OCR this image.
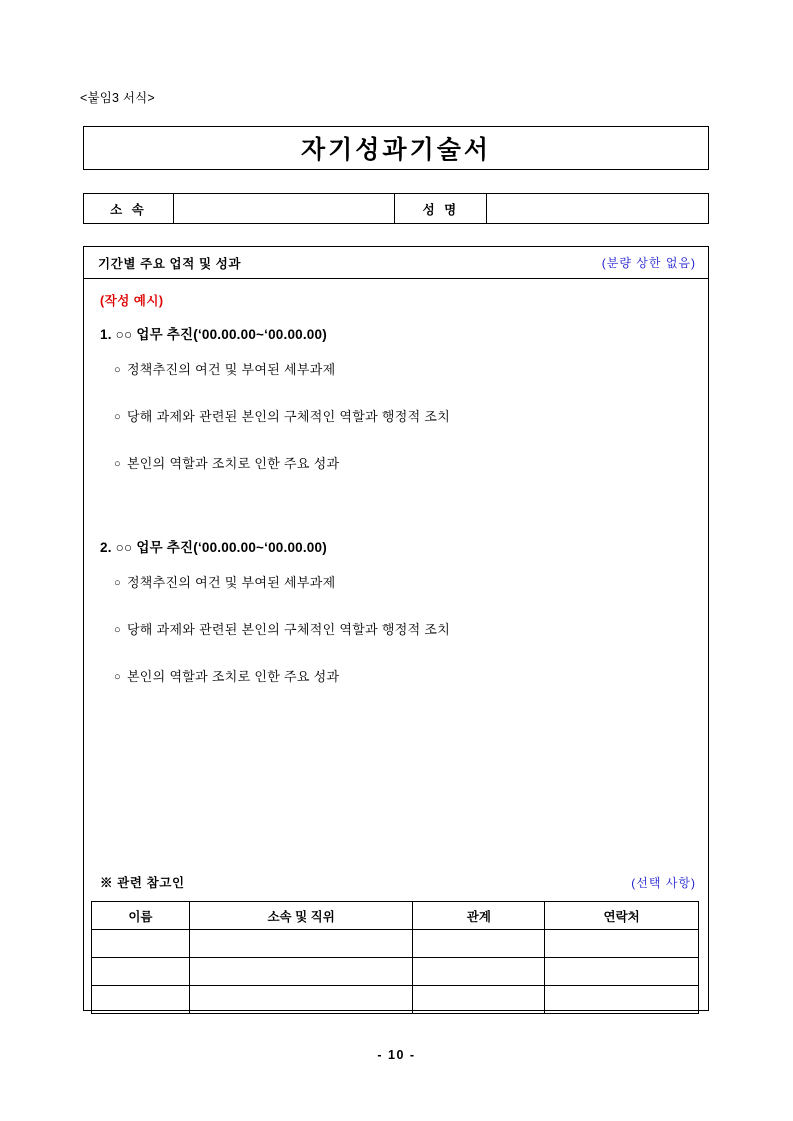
<붙임3 서식>
자기성과기술서
소 속		성 명	
기간별 주요 업적 및 성과	(분량 상한 없음)
(작성 예시)
1. ○○ 업무 추진(‘00.00.00~‘00.00.00)
○ 정책추진의 여건 및 부여된 세부과제
○ 당해 과제와 관련된 본인의 구체적인 역할과 행정적 조치
○ 본인의 역할과 조치로 인한 주요 성과
2. ○○ 업무 추진(‘00.00.00~‘00.00.00)
○ 정책추진의 여건 및 부여된 세부과제
○ 당해 과제와 관련된 본인의 구체적인 역할과 행정적 조치
○ 본인의 역할과 조치로 인한 주요 성과
※ 관련 참고인	(선택 사항)
이름	소속 및 직위	관계	연락처

- 10 -
